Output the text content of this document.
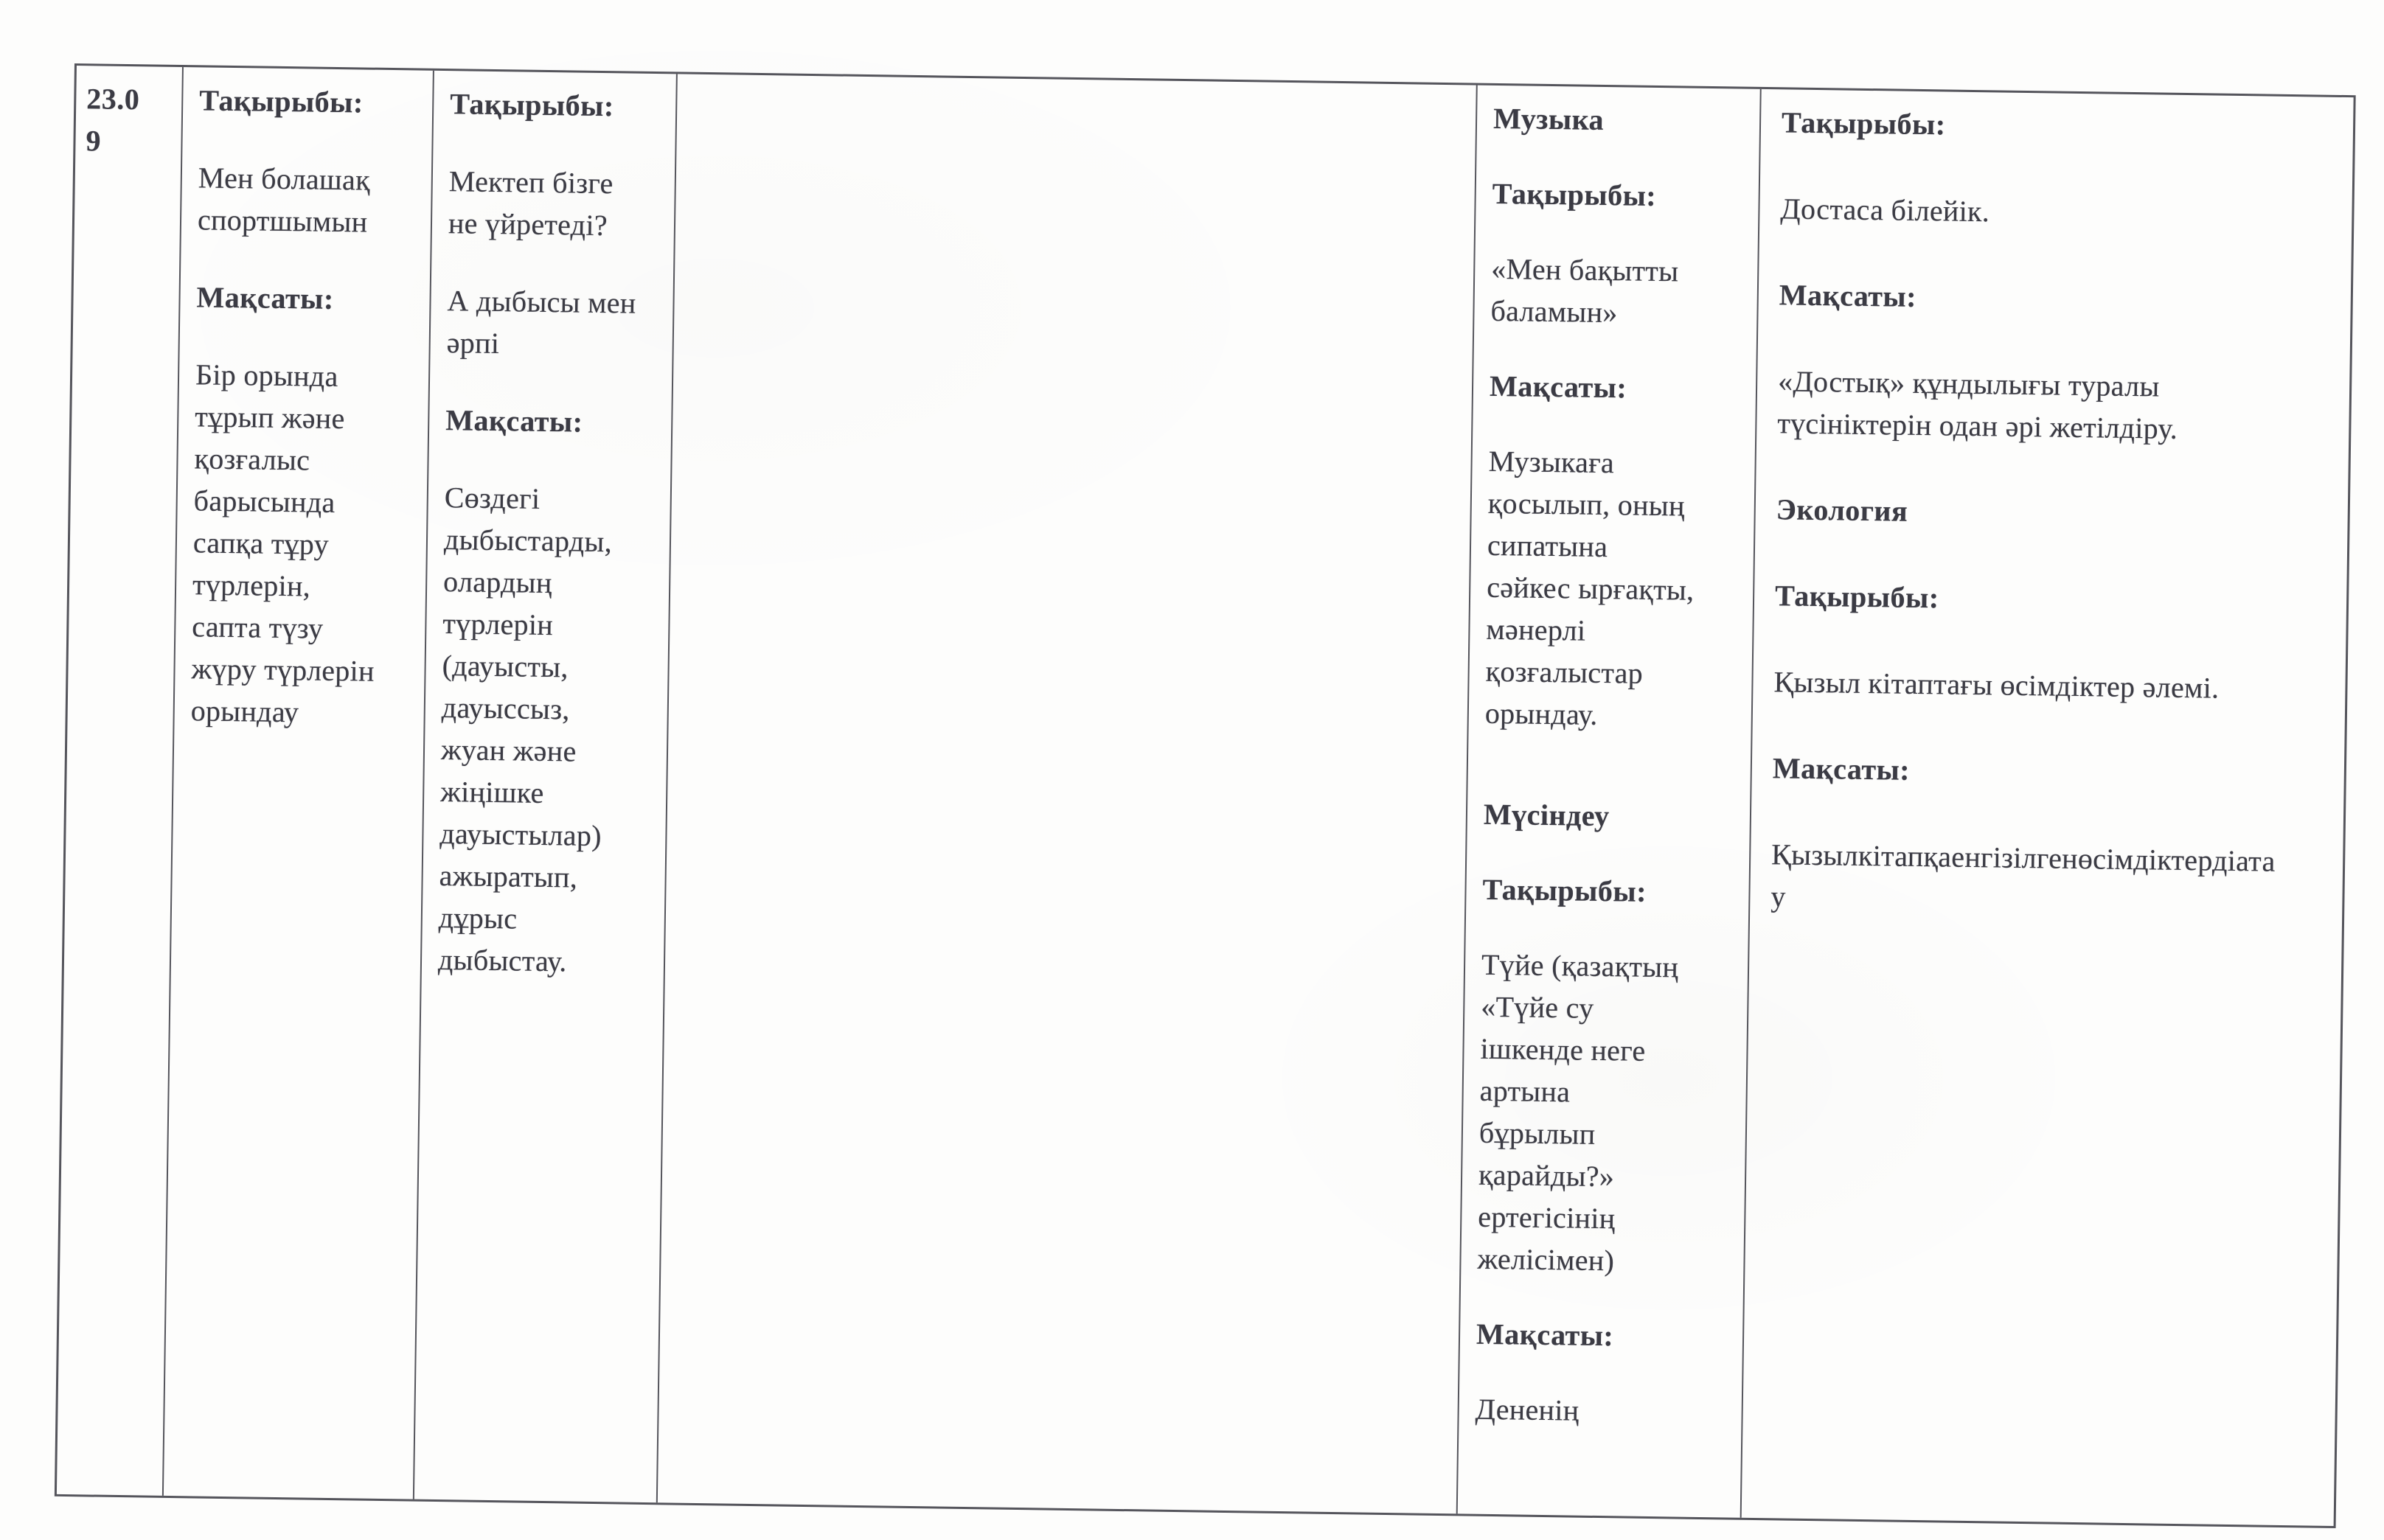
23.0
9
Тақырыбы:
Мен болашақ
спортшымын
Мақсаты:
Бір орында
тұрып және
қозғалыс
барысында
сапқа тұру
түрлерін,
сапта түзу
жүру түрлерін
орындау
Тақырыбы:
Мектеп бізге
не үйретеді?
А дыбысы мен
әрпі
Мақсаты:
Сөздегі
дыбыстарды,
олардың
түрлерін
(дауысты,
дауыссыз,
жуан және
жіңішке
дауыстылар)
ажыратып,
дұрыс
дыбыстау.
Музыка
Тақырыбы:
«Мен бақытты
баламын»
Мақсаты:
Музыкаға
қосылып, оның
сипатына
сәйкес ырғақты,
мәнерлі
қозғалыстар
орындау.
Мүсіндеу
Тақырыбы:
Түйе (қазақтың
«Түйе су
ішкенде неге
артына
бұрылып
қарайды?»
ертегісінің
желісімен)
Мақсаты:
Дененің
Тақырыбы:
Достаса білейік.
Мақсаты:
«Достық» құндылығы туралы
түсініктерін одан әрі жетілдіру.
Экология
Тақырыбы:
Қызыл кітаптағы өсімдіктер әлемі.
Мақсаты:
Қызылкітапқаенгізілгенөсімдіктердіата
у
